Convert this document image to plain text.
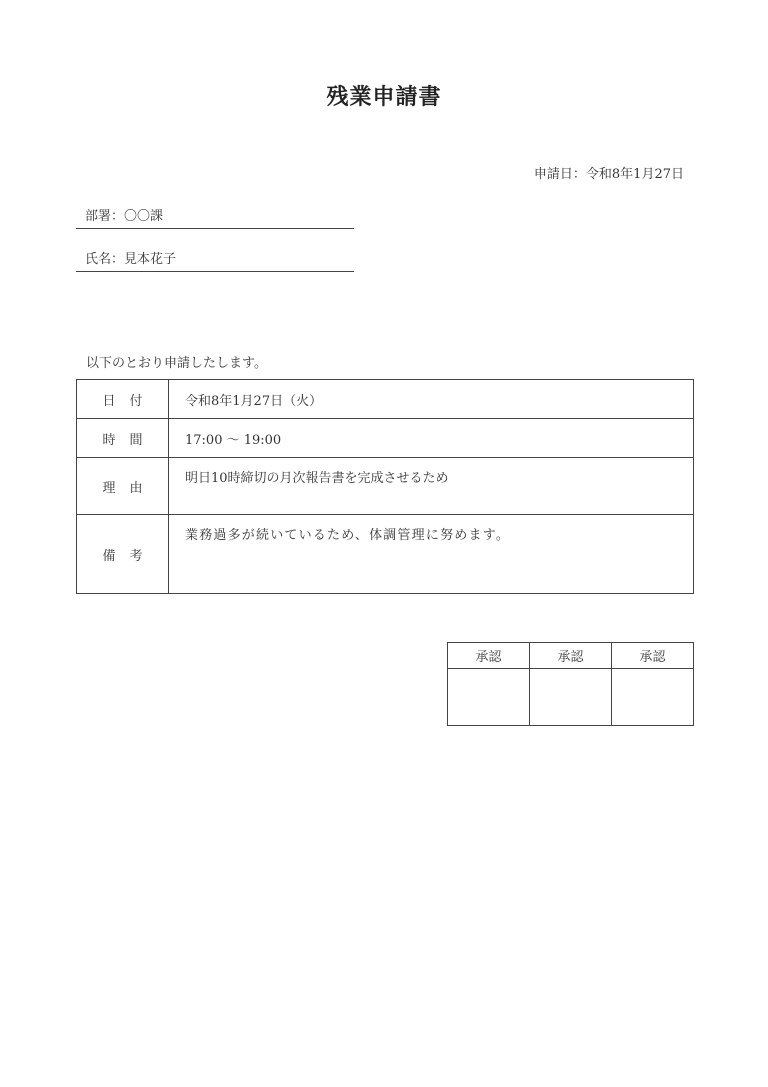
残業申請書
申請日：令和8年1月27日
部署：〇〇課
氏名：見本花子
以下のとおり申請したします。
日付	令和8年1月27日（火）
時間	17:00 〜 19:00
理由	明日10時締切の月次報告書を完成させるため
備考	業務過多が続いているため、体調管理に努めます。
承認	承認	承認
